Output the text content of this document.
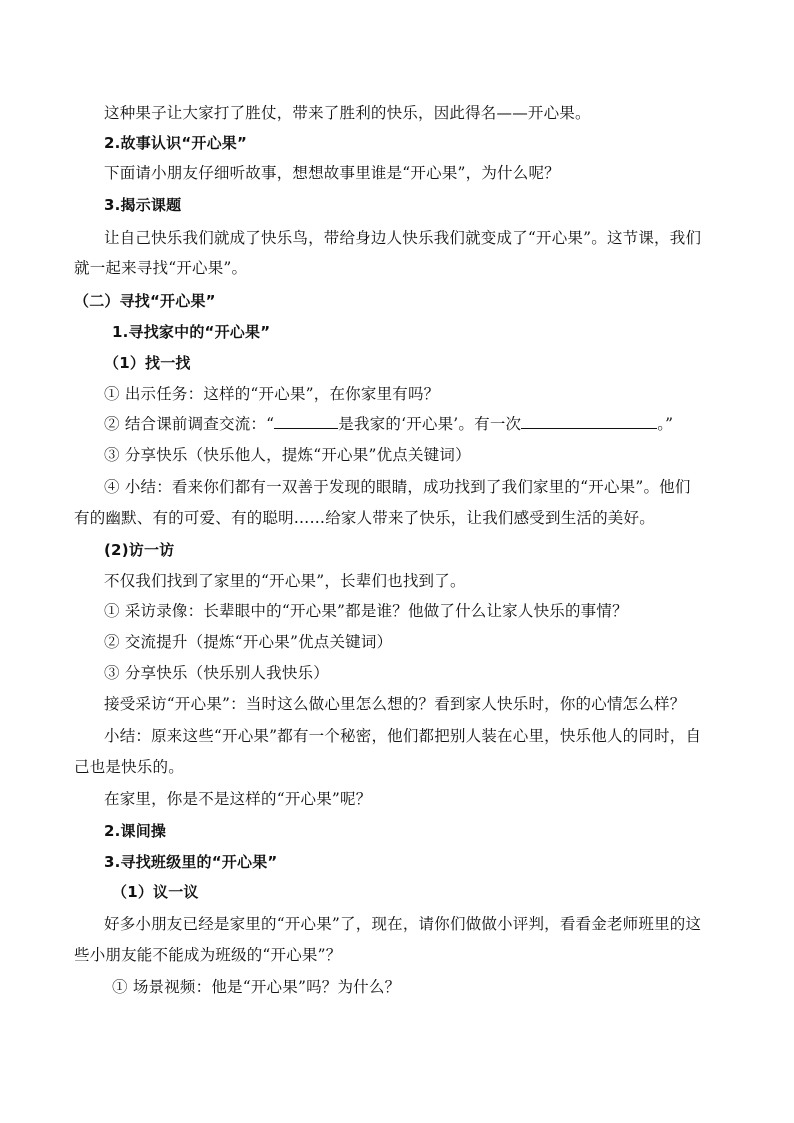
这种果子让大家打了胜仗，带来了胜利的快乐，因此得名——开心果。
2.故事认识“开心果”
下面请小朋友仔细听故事，想想故事里谁是“开心果”，为什么呢？
3.揭示课题
让自己快乐我们就成了快乐鸟，带给身边人快乐我们就变成了“开心果”。这节课，我们
就一起来寻找“开心果”。
（二）寻找“开心果”
1.寻找家中的“开心果”
（1）找一找
① 出示任务：这样的“开心果”，在你家里有吗？
② 结合课前调查交流：“	是我家的‘开心果’。有一次	。”
③ 分享快乐（快乐他人，提炼“开心果”优点关键词）
④ 小结：看来你们都有一双善于发现的眼睛，成功找到了我们家里的“开心果”。他们
有的幽默、有的可爱、有的聪明……给家人带来了快乐，让我们感受到生活的美好。
(2)访一访
不仅我们找到了家里的“开心果”，长辈们也找到了。
① 采访录像：长辈眼中的“开心果”都是谁？他做了什么让家人快乐的事情？
② 交流提升（提炼“开心果”优点关键词）
③ 分享快乐（快乐别人我快乐）
接受采访“开心果”：当时这么做心里怎么想的？看到家人快乐时，你的心情怎么样？
小结：原来这些“开心果”都有一个秘密，他们都把别人装在心里，快乐他人的同时，自
己也是快乐的。
在家里，你是不是这样的“开心果”呢？
2.课间操
3.寻找班级里的“开心果”
（1）议一议
好多小朋友已经是家里的“开心果”了，现在，请你们做做小评判，看看金老师班里的这
些小朋友能不能成为班级的“开心果”？
① 场景视频：他是“开心果”吗？为什么？
